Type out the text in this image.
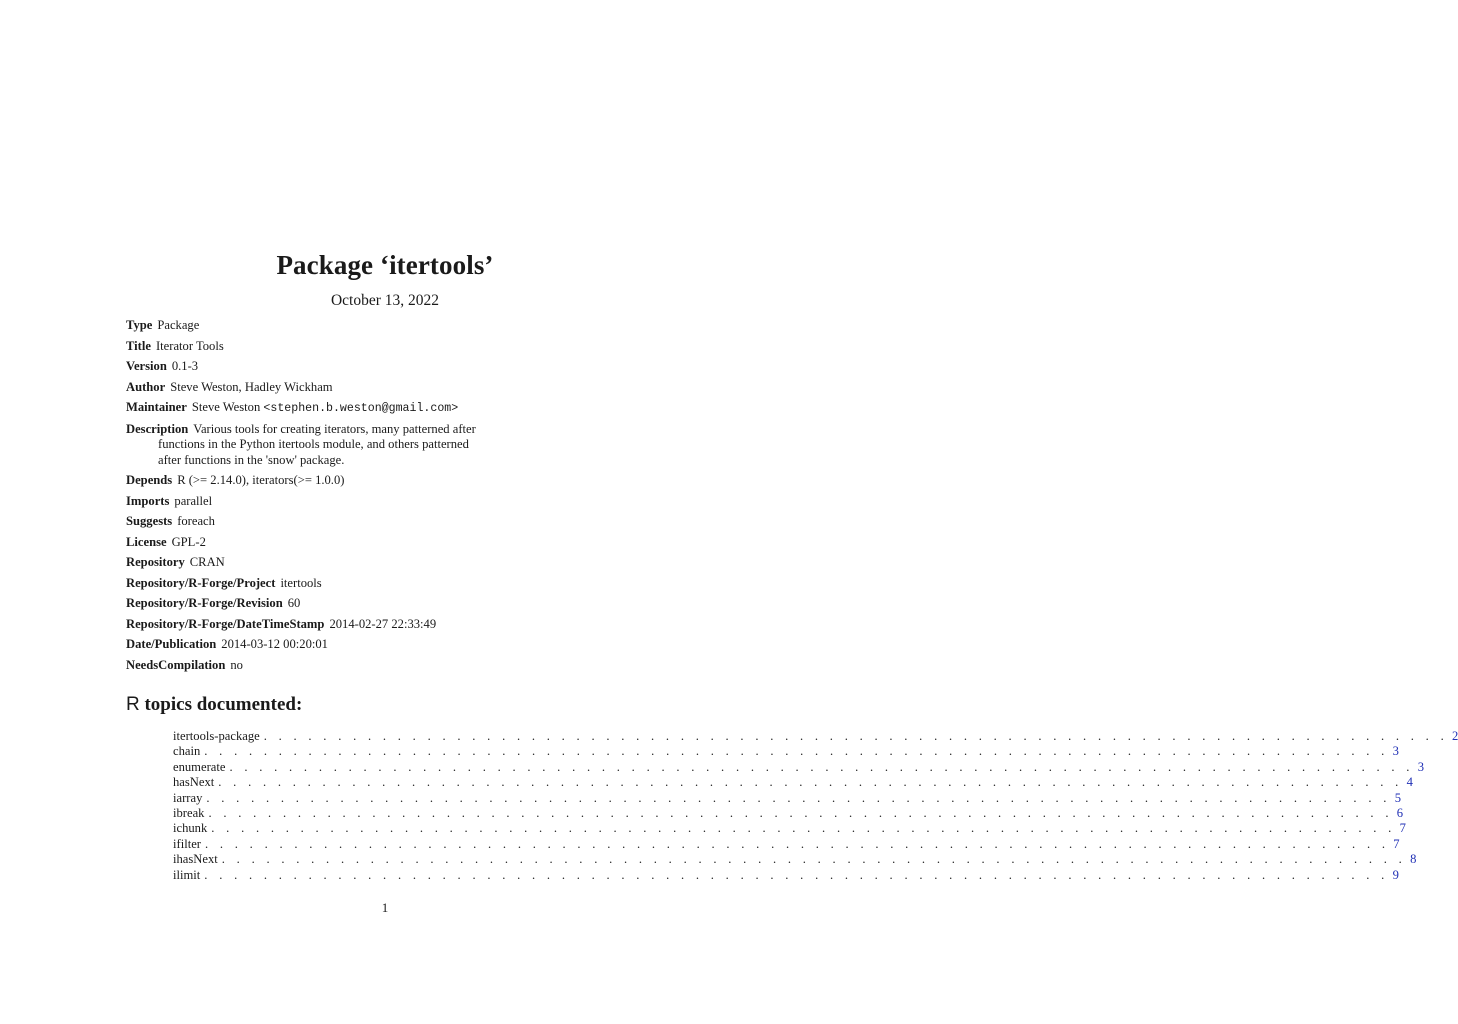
Package ‘itertools’
October 13, 2022

Type Package

Title Iterator Tools

Version 0.1-3

Author Steve Weston, Hadley Wickham

Maintainer Steve Weston <stephen.b.weston@gmail.com>

Description Various tools for creating iterators, many patterned after
functions in the Python itertools module, and others patterned
after functions in the 'snow' package.

Depends R (>= 2.14.0), iterators(>= 1.0.0)

Imports parallel

Suggests foreach

License GPL-2

Repository CRAN

Repository/R-Forge/Project itertools

Repository/R-Forge/Revision 60

Repository/R-Forge/DateTimeStamp 2014-02-27 22:33:49

Date/Publication 2014-03-12 00:20:01

NeedsCompilation no

R topics documented:
itertools-package . . . . . . . . . . . . . . . . . . . . . . . . . . . . . . . . . . . . . . . . . . . . . . . . . . . . . . . . . . . . . . . . . . . . . . . . . . . . . . . . 2
chain . . . . . . . . . . . . . . . . . . . . . . . . . . . . . . . . . . . . . . . . . . . . . . . . . . . . . . . . . . . . . . . . . . . . . . . . . . . . . . . . 3
enumerate . . . . . . . . . . . . . . . . . . . . . . . . . . . . . . . . . . . . . . . . . . . . . . . . . . . . . . . . . . . . . . . . . . . . . . . . . . . . . . . . 3
hasNext . . . . . . . . . . . . . . . . . . . . . . . . . . . . . . . . . . . . . . . . . . . . . . . . . . . . . . . . . . . . . . . . . . . . . . . . . . . . . . . . 4
iarray . . . . . . . . . . . . . . . . . . . . . . . . . . . . . . . . . . . . . . . . . . . . . . . . . . . . . . . . . . . . . . . . . . . . . . . . . . . . . . . . 5
ibreak . . . . . . . . . . . . . . . . . . . . . . . . . . . . . . . . . . . . . . . . . . . . . . . . . . . . . . . . . . . . . . . . . . . . . . . . . . . . . . . . 6
ichunk . . . . . . . . . . . . . . . . . . . . . . . . . . . . . . . . . . . . . . . . . . . . . . . . . . . . . . . . . . . . . . . . . . . . . . . . . . . . . . . . 7
ifilter . . . . . . . . . . . . . . . . . . . . . . . . . . . . . . . . . . . . . . . . . . . . . . . . . . . . . . . . . . . . . . . . . . . . . . . . . . . . . . . . 7
ihasNext . . . . . . . . . . . . . . . . . . . . . . . . . . . . . . . . . . . . . . . . . . . . . . . . . . . . . . . . . . . . . . . . . . . . . . . . . . . . . . . . 8
ilimit . . . . . . . . . . . . . . . . . . . . . . . . . . . . . . . . . . . . . . . . . . . . . . . . . . . . . . . . . . . . . . . . . . . . . . . . . . . . . . . . 9
1
